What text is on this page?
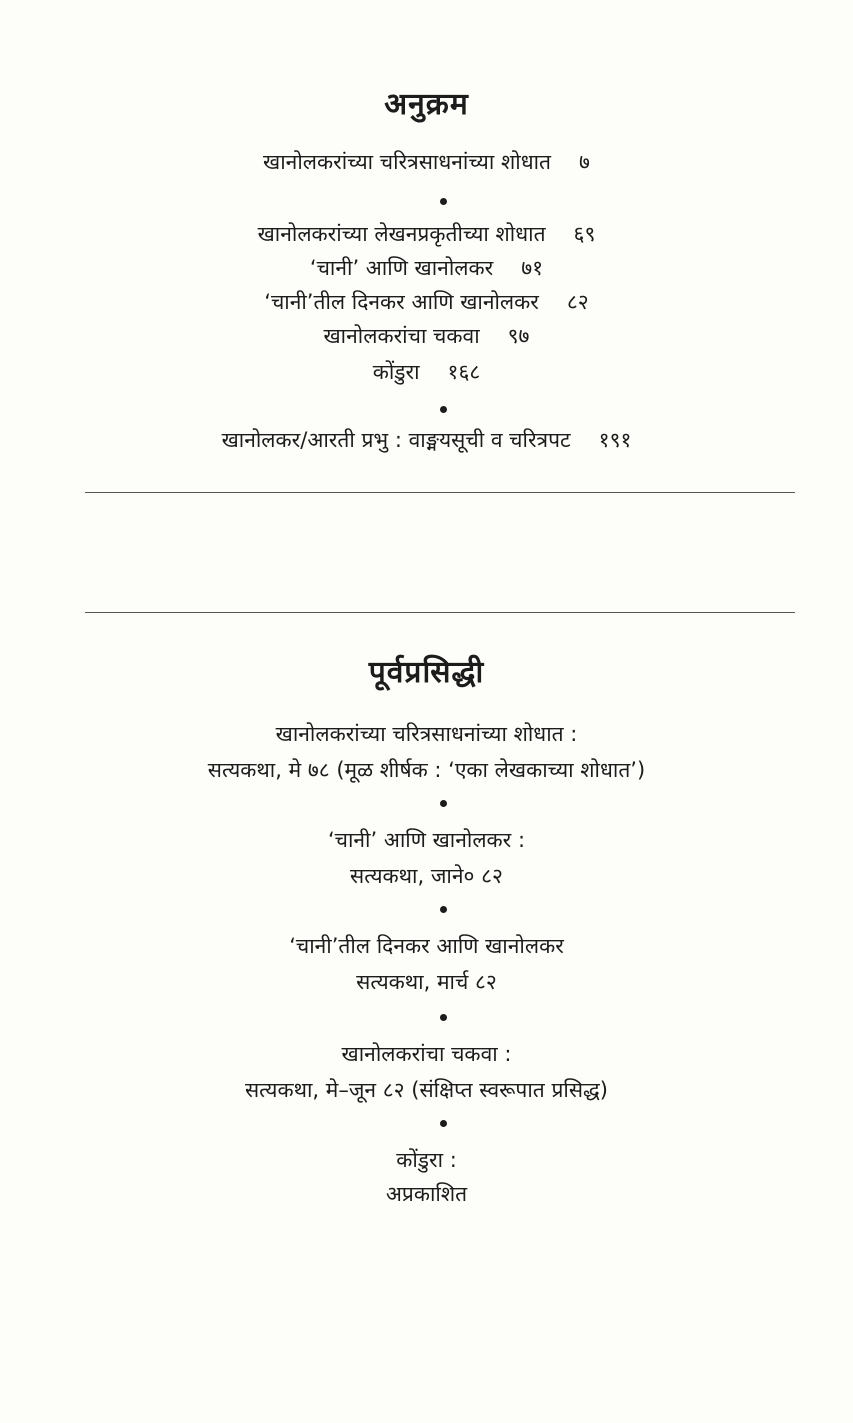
अनुक्रम
खानोलकरांच्या चरित्रसाधनांच्या शोधात ७
खानोलकरांच्या लेखनप्रकृतीच्या शोधात ६९
‘चानी’ आणि खानोलकर ७१
‘चानी’तील दिनकर आणि खानोलकर ८२
खानोलकरांचा चकवा ९७
कोंडुरा १६८
खानोलकर/आरती प्रभु : वाङ्मयसूची व चरित्रपट १९१
पूर्वप्रसिद्धी
खानोलकरांच्या चरित्रसाधनांच्या शोधात :
सत्यकथा, मे ७८ (मूळ शीर्षक : ‘एका लेखकाच्या शोधात’)
‘चानी’ आणि खानोलकर :
सत्यकथा, जाने० ८२
‘चानी’तील दिनकर आणि खानोलकर
सत्यकथा, मार्च ८२
खानोलकरांचा चकवा :
सत्यकथा, मे–जून ८२ (संक्षिप्त स्वरूपात प्रसिद्ध)
कोंडुरा :
अप्रकाशित
